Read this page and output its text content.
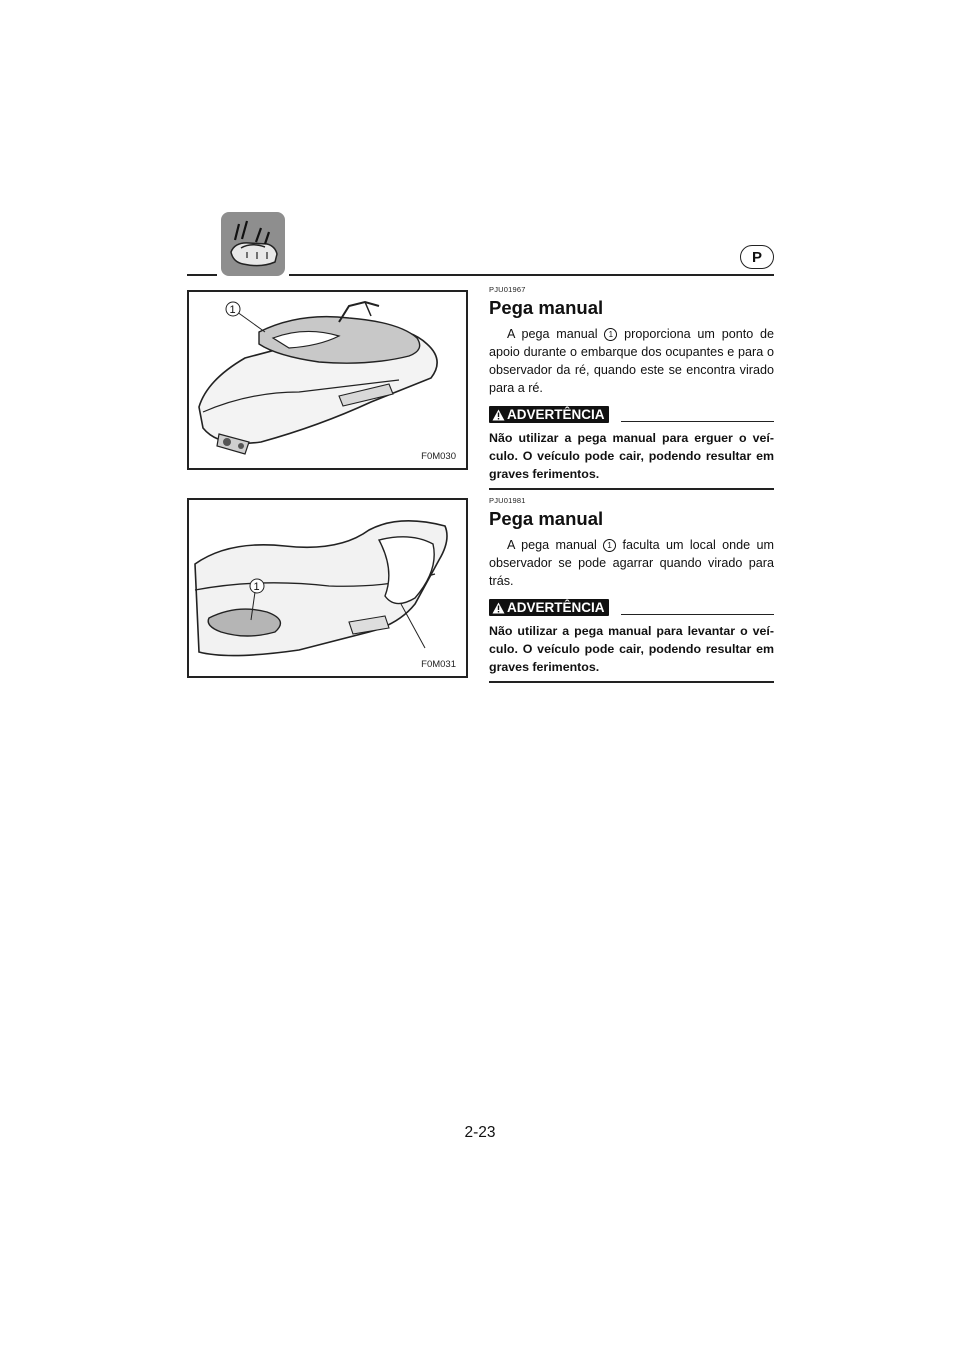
P
1
F0M030
PJU01967
Pega manual
A pega manual 1 proporciona um ponto de apoio durante o embarque dos ocupantes e para o observador da ré, quando este se encontra virado para a ré.
ADVERTÊNCIA
Não utilizar a pega manual para erguer o veí-culo. O veículo pode cair, podendo resultar em graves ferimentos.
1
F0M031
PJU01981
Pega manual
A pega manual 1 faculta um local onde um observador se pode agarrar quando virado para trás.
ADVERTÊNCIA
Não utilizar a pega manual para levantar o veí-culo. O veículo pode cair, podendo resultar em graves ferimentos.
2-23
